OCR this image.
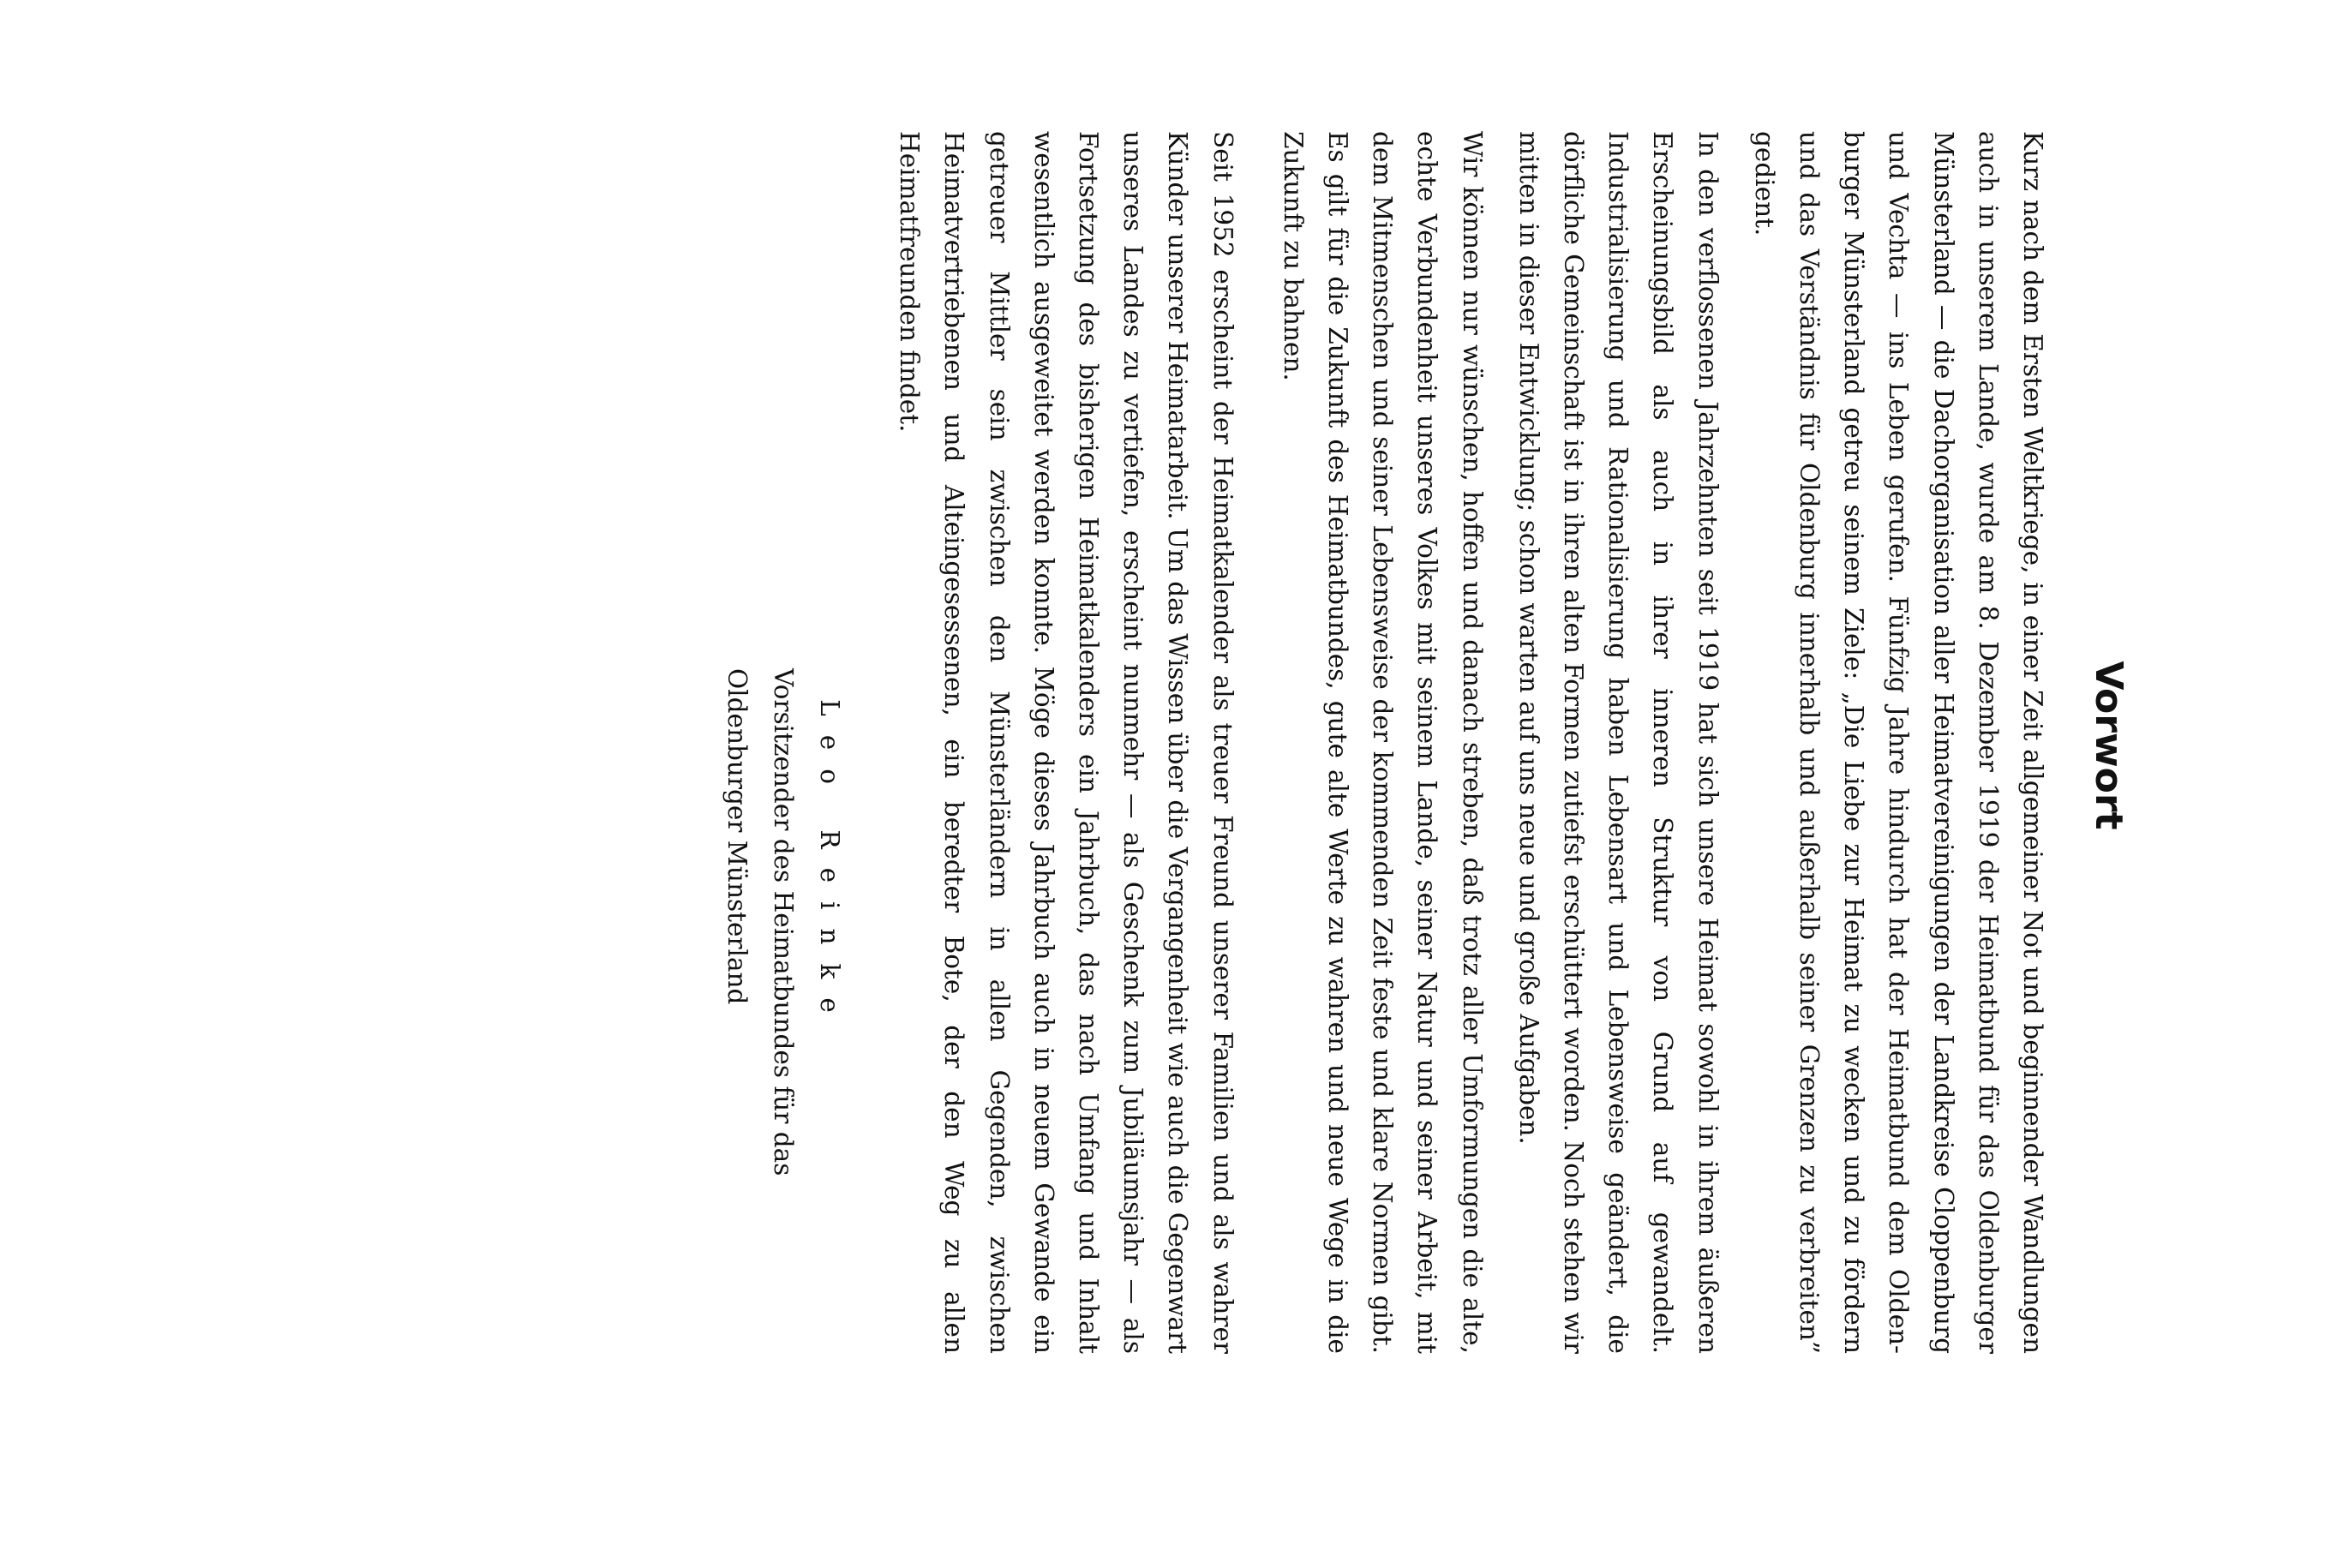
Vorwort

Kurz nach dem Ersten Weltkriege, in einer Zeit allgemeiner Not und beginnender Wandlungen auch in unserem Lande, wurde am 8. Dezember 1919 der Heimatbund für das Oldenburger Münsterland — die Dachorganisation aller Heimatvereinigungen der Landkreise Cloppenburg und Vechta — ins Leben gerufen. Fünfzig Jahre hindurch hat der Heimatbund dem Oldenburger Münsterland getreu seinem Ziele: „Die Liebe zur Heimat zu wecken und zu fördern und das Verständnis für Oldenburg innerhalb und außerhalb seiner Grenzen zu verbreiten” gedient.

In den verflossenen Jahrzehnten seit 1919 hat sich unsere Heimat sowohl in ihrem äußeren Erscheinungsbild als auch in ihrer inneren Struktur von Grund auf gewandelt. Industrialisierung und Rationalisierung haben Lebensart und Lebensweise geändert, die dörfliche Gemeinschaft ist in ihren alten Formen zutiefst erschüttert worden. Noch stehen wir mitten in dieser Entwicklung; schon warten auf uns neue und große Aufgaben.

Wir können nur wünschen, hoffen und danach streben, daß trotz aller Umformungen die alte, echte Verbundenheit unseres Volkes mit seinem Lande, seiner Natur und seiner Arbeit, mit dem Mitmenschen und seiner Lebensweise der kommenden Zeit feste und klare Normen gibt. Es gilt für die Zukunft des Heimatbundes, gute alte Werte zu wahren und neue Wege in die Zukunft zu bahnen.

Seit 1952 erscheint der Heimatkalender als treuer Freund unserer Familien und als wahrer Künder unserer Heimatarbeit. Um das Wissen über die Vergangenheit wie auch die Gegenwart unseres Landes zu vertiefen, erscheint nunmehr — als Geschenk zum Jubiläumsjahr — als Fortsetzung des bisherigen Heimatkalenders ein Jahrbuch, das nach Umfang und Inhalt wesentlich ausgeweitet werden konnte. Möge dieses Jahrbuch auch in neuem Gewande ein getreuer Mittler sein zwischen den Münsterländern in allen Gegenden, zwischen Heimatvertriebenen und Alteingesessenen, ein beredter Bote, der den Weg zu allen Heimatfreunden findet.

Leo Reinke
Vorsitzender des Heimatbundes für das
Oldenburger Münsterland
